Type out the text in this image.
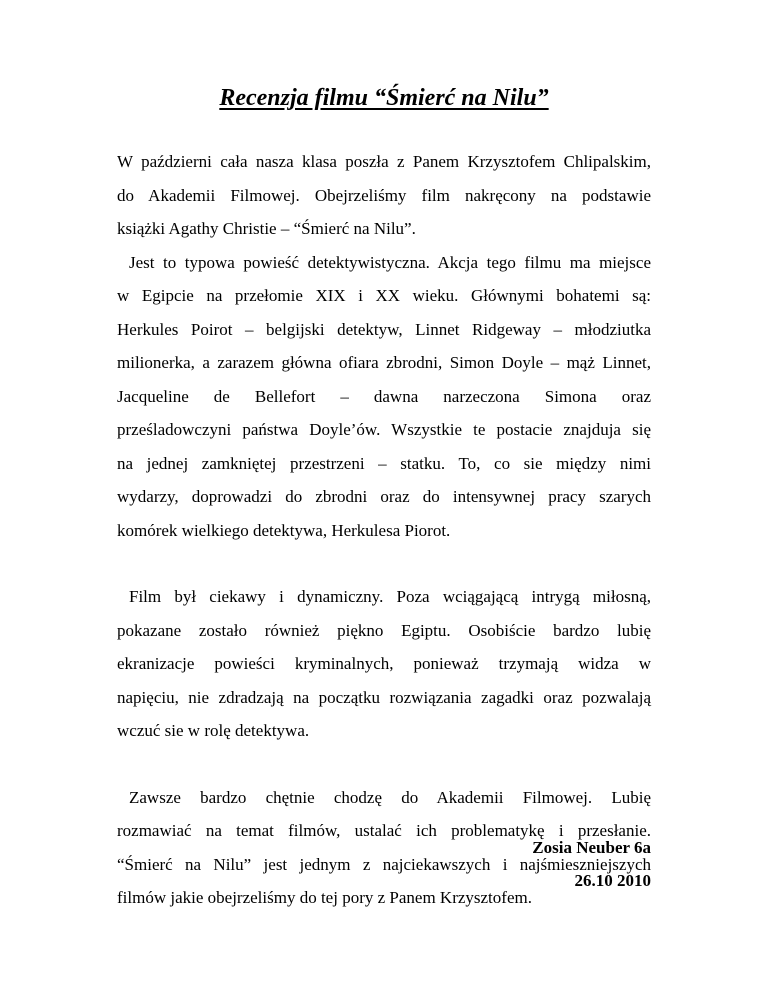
Recenzja filmu “Śmierć na Nilu”

W październi cała nasza klasa poszła z Panem Krzysztofem Chlipalskim,
do Akademii Filmowej. Obejrzeliśmy film nakręcony na podstawie
książki Agathy Christie – “Śmierć na Nilu”.

Jest to typowa powieść detektywistyczna. Akcja tego filmu ma miejsce
w Egipcie na przełomie XIX i XX wieku. Głównymi bohatemi są:
Herkules Poirot – belgijski detektyw, Linnet Ridgeway – młodziutka
milionerka, a zarazem główna ofiara zbrodni, Simon Doyle – mąż Linnet,
Jacqueline de Bellefort – dawna narzeczona Simona oraz
prześladowczyni państwa Doyle’ów. Wszystkie te postacie znajduja się
na jednej zamkniętej przestrzeni – statku. To, co sie między nimi
wydarzy, doprowadzi do zbrodni oraz do intensywnej pracy szarych
komórek wielkiego detektywa, Herkulesa Piorot.

Film był ciekawy i dynamiczny. Poza wciągającą intrygą miłosną,
pokazane zostało również piękno Egiptu. Osobiście bardzo lubię
ekranizacje powieści kryminalnych, ponieważ trzymają widza w
napięciu, nie zdradzają na początku rozwiązania zagadki oraz pozwalają
wczuć sie w rolę detektywa.

Zawsze bardzo chętnie chodzę do Akademii Filmowej. Lubię
rozmawiać na temat filmów, ustalać ich problematykę i przesłanie.
“Śmierć na Nilu” jest jednym z najciekawszych i najśmieszniejszych
filmów jakie obejrzeliśmy do tej pory z Panem Krzysztofem.

Zosia Neuber 6a
26.10 2010
